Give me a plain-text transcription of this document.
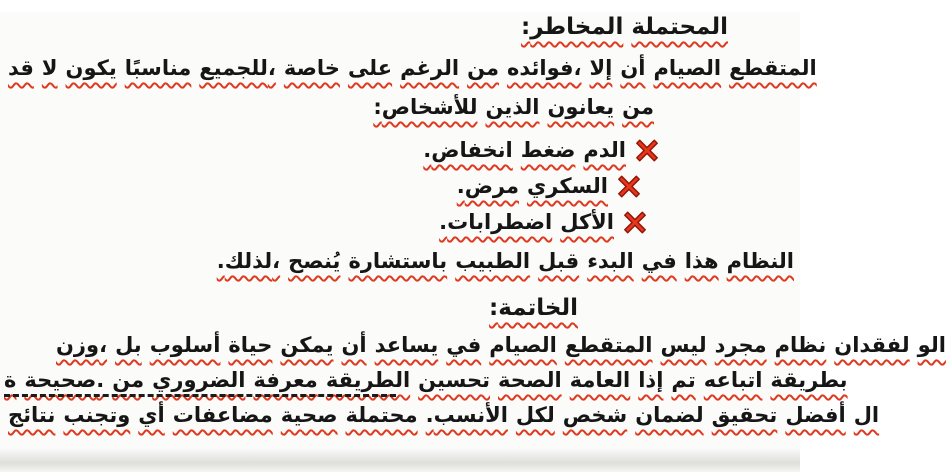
:المخاطر المحتملة
قد لا يكون مناسبًا للجميع، خاصة على الرغم من فوائده، إلا أن الصيام المتقطع
:للأشخاص الذين يعانون من
.انخفاض ضغط الدم
.مرض السكري
.اضطرابات الأكل
.لذلك، يُنصح باستشارة الطبيب قبل البدء في هذا النظام
:الخاتمة
وزن، بل أسلوب حياة يمكن أن يساعد في الصيام المتقطع ليس مجرد نظام لفقدان الو
ة صحيحة. من الضروري معرفة الطريقة تحسين الصحة العامة إذا تم اتباعه بطريقة
نتائج وتجنب أي مضاعفات صحية محتملة .الأنسب لكل شخص لضمان تحقيق أفضل ال
